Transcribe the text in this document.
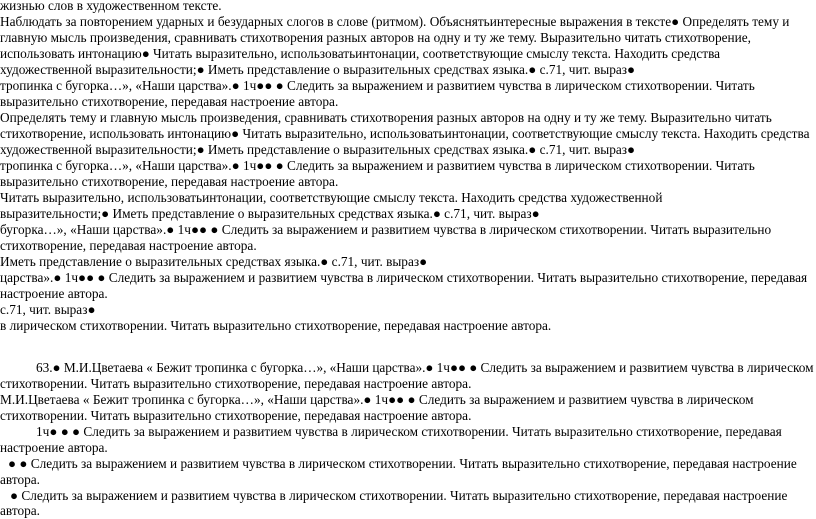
жизнью слов в художественном тексте.
Наблюдать за повторением ударных и безударных слогов в слове (ритмом). Объяснятьинтересные выражения в тексте● Определять тему и
главную мысль произведения, сравнивать стихотворения разных авторов на одну и ту же тему. Выразительно читать стихотворение,
использовать интонацию● Читать выразительно, использоватьинтонации, соответствующие смыслу текста. Находить средства
художественной выразительности;● Иметь представление о выразительных средствах языка.● с.71, чит. выраз●
тропинка с бугорка…», «Наши царства».● 1ч●● ● Следить за выражением и развитием чувства в лирическом стихотворении. Читать
выразительно стихотворение, передавая настроение автора.
Определять тему и главную мысль произведения, сравнивать стихотворения разных авторов на одну и ту же тему. Выразительно читать
стихотворение, использовать интонацию● Читать выразительно, использоватьинтонации, соответствующие смыслу текста. Находить средства
художественной выразительности;● Иметь представление о выразительных средствах языка.● с.71, чит. выраз●
тропинка с бугорка…», «Наши царства».● 1ч●● ● Следить за выражением и развитием чувства в лирическом стихотворении. Читать
выразительно стихотворение, передавая настроение автора.
Читать выразительно, использоватьинтонации, соответствующие смыслу текста. Находить средства художественной
выразительности;● Иметь представление о выразительных средствах языка.● с.71, чит. выраз●
бугорка…», «Наши царства».● 1ч●● ● Следить за выражением и развитием чувства в лирическом стихотворении. Читать выразительно
стихотворение, передавая настроение автора.
Иметь представление о выразительных средствах языка.● с.71, чит. выраз●
царства».● 1ч●● ● Следить за выражением и развитием чувства в лирическом стихотворении. Читать выразительно стихотворение, передавая
настроение автора.
с.71, чит. выраз●
в лирическом стихотворении. Читать выразительно стихотворение, передавая настроение автора.
63.● М.И.Цветаева « Бежит тропинка с бугорка…», «Наши царства».● 1ч●● ● Следить за выражением и развитием чувства в лирическом
стихотворении. Читать выразительно стихотворение, передавая настроение автора.
М.И.Цветаева « Бежит тропинка с бугорка…», «Наши царства».● 1ч●● ● Следить за выражением и развитием чувства в лирическом
стихотворении. Читать выразительно стихотворение, передавая настроение автора.
1ч● ● ● Следить за выражением и развитием чувства в лирическом стихотворении. Читать выразительно стихотворение, передавая
настроение автора.
● ● Следить за выражением и развитием чувства в лирическом стихотворении. Читать выразительно стихотворение, передавая настроение
автора.
● Следить за выражением и развитием чувства в лирическом стихотворении. Читать выразительно стихотворение, передавая настроение
автора.
